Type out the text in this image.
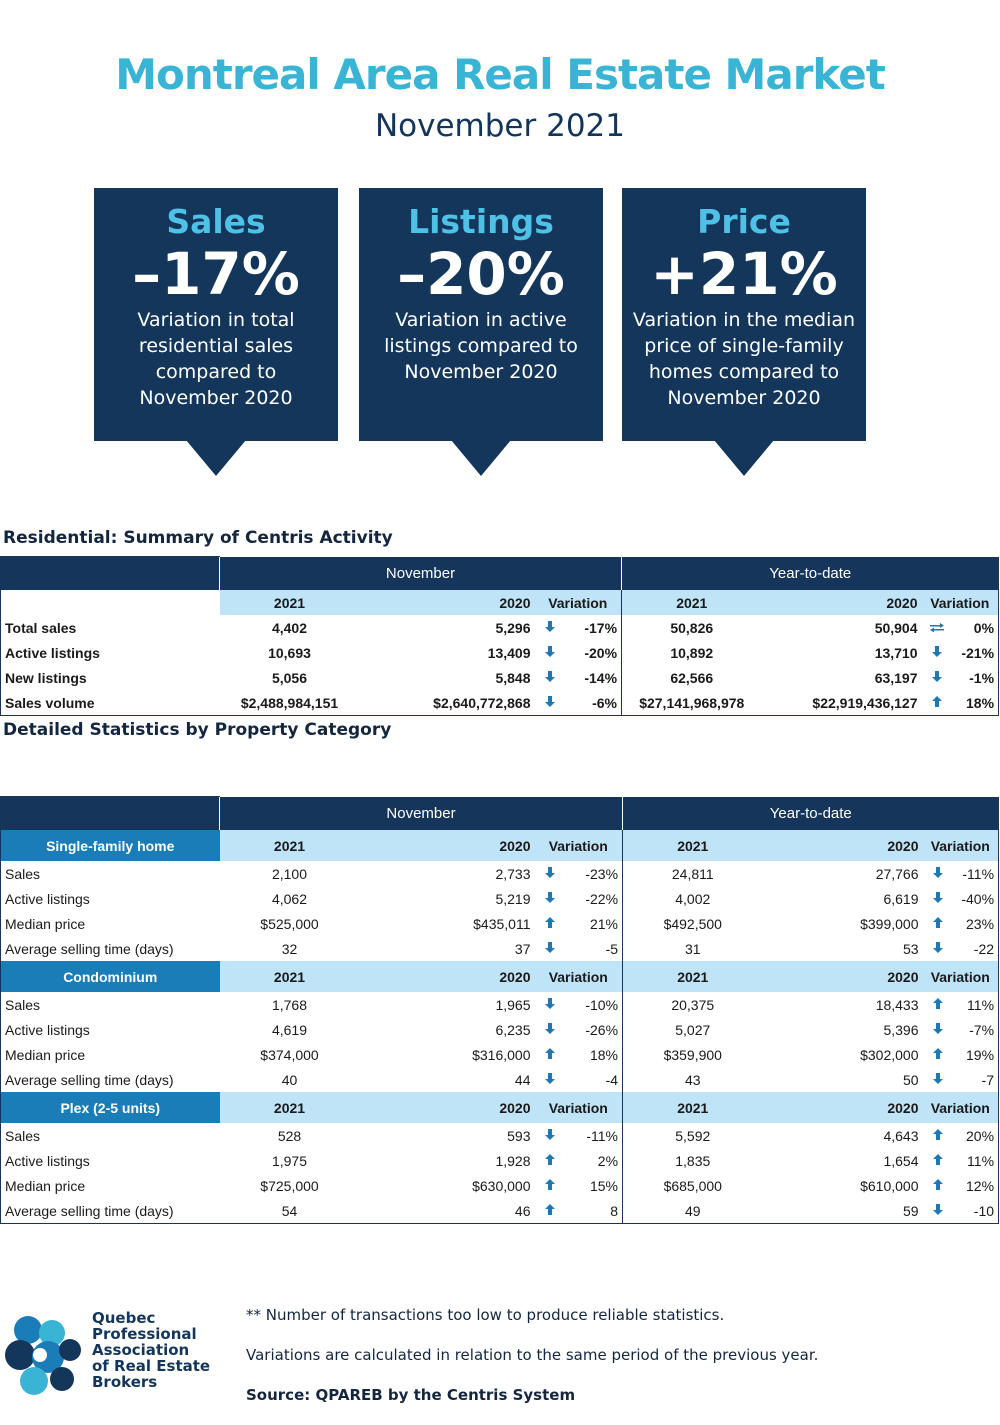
Montreal Area Real Estate Market
November 2021
Sales
–17%
Variation in total residential sales compared to November 2020
Listings
–20%
Variation in active listings compared to November 2020
Price
+21%
Variation in the median price of single-family homes compared to November 2020
Residential: Summary of Centris Activity
	November				Year-to-date			
	2021	2020	Variation		2021	2020	Variation	
Total sales	4,402	5,296		-17%	50,826	50,904		0%
Active listings	10,693	13,409		-20%	10,892	13,710		-21%
New listings	5,056	5,848		-14%	62,566	63,197		-1%
Sales volume	$2,488,984,151	$2,640,772,868		-6%	$27,141,968,978	$22,919,436,127		18%
Detailed Statistics by Property Category
	November				Year-to-date			
Single-family home	2021	2020	Variation		2021	2020	Variation	
Sales	2,100	2,733		-23%	24,811	27,766		-11%
Active listings	4,062	5,219		-22%	4,002	6,619		-40%
Median price	$525,000	$435,011		21%	$492,500	$399,000		23%
Average selling time (days)	32	37		-5	31	53		-22
Condominium	2021	2020	Variation		2021	2020	Variation	
Sales	1,768	1,965		-10%	20,375	18,433		11%
Active listings	4,619	6,235		-26%	5,027	5,396		-7%
Median price	$374,000	$316,000		18%	$359,900	$302,000		19%
Average selling time (days)	40	44		-4	43	50		-7
Plex (2-5 units)	2021	2020	Variation		2021	2020	Variation	
Sales	528	593		-11%	5,592	4,643		20%
Active listings	1,975	1,928		2%	1,835	1,654		11%
Median price	$725,000	$630,000		15%	$685,000	$610,000		12%
Average selling time (days)	54	46		8	49	59		-10
Quebec
Professional
Association
of Real Estate
Brokers
** Number of transactions too low to produce reliable statistics.
Variations are calculated in relation to the same period of the previous year.
Source: QPAREB by the Centris System
